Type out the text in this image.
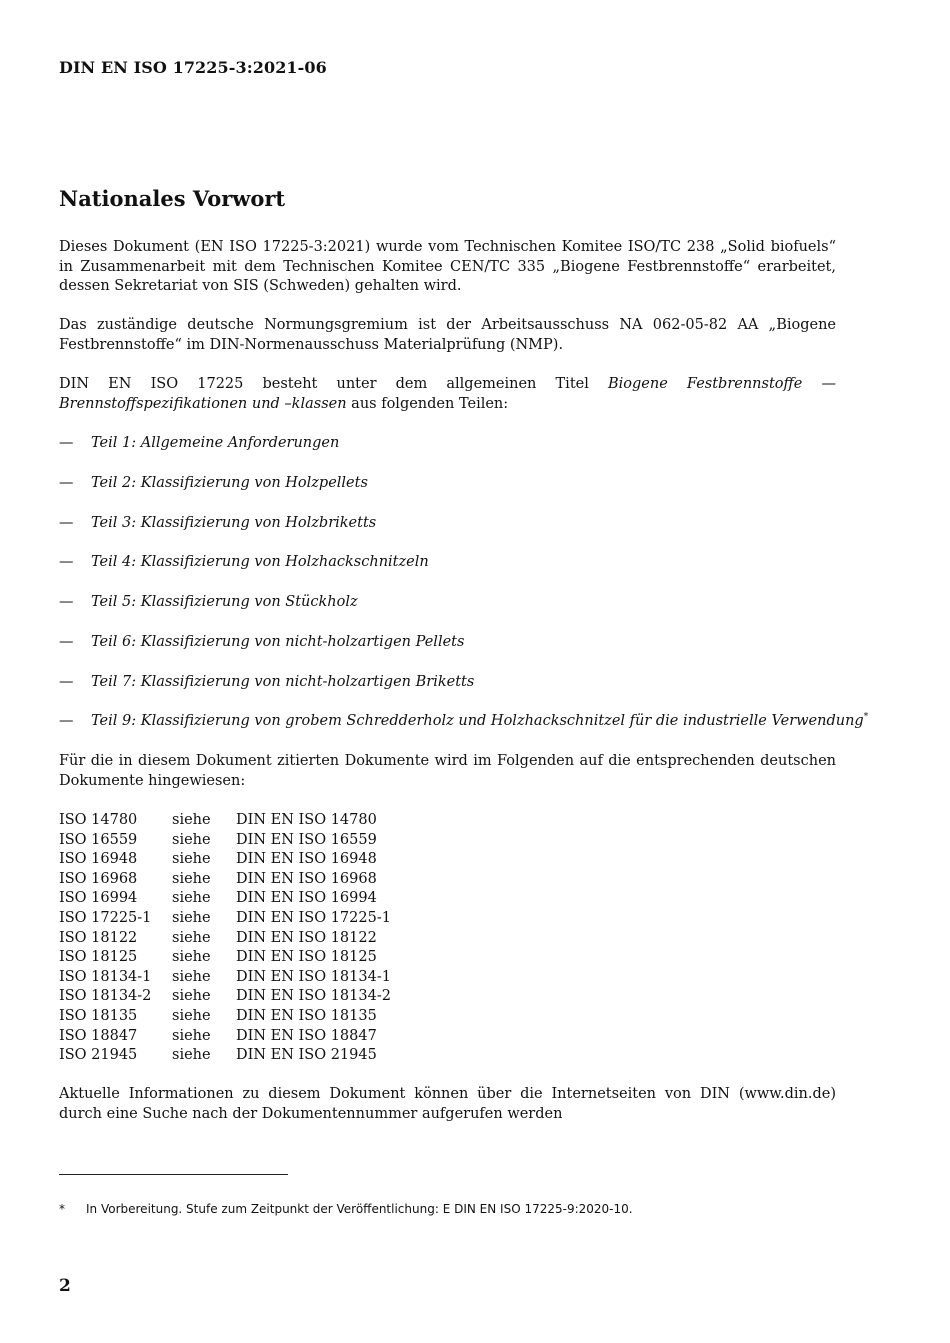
DIN EN ISO 17225-3:2021-06
Nationales Vorwort

Dieses Dokument (EN ISO 17225-3:2021) wurde vom Technischen Komitee ISO/TC 238 „Solid biofuels“ in Zusammenarbeit mit dem Technischen Komitee CEN/TC 335 „Biogene Festbrennstoffe“ erarbeitet, dessen Sekretariat von SIS (Schweden) gehalten wird.

Das zuständige deutsche Normungsgremium ist der Arbeitsausschuss NA 062-05-82 AA „Biogene Festbrennstoffe“ im DIN-Normenausschuss Materialprüfung (NMP).

DIN EN ISO 17225 besteht unter dem allgemeinen Titel Biogene Festbrennstoffe — Brennstoffspezifikationen und –klassen aus folgenden Teilen:

—	Teil 1: Allgemeine Anforderungen
—	Teil 2: Klassifizierung von Holzpellets
—	Teil 3: Klassifizierung von Holzbriketts
—	Teil 4: Klassifizierung von Holzhackschnitzeln
—	Teil 5: Klassifizierung von Stückholz
—	Teil 6: Klassifizierung von nicht-holzartigen Pellets
—	Teil 7: Klassifizierung von nicht-holzartigen Briketts
—	Teil 9: Klassifizierung von grobem Schredderholz und Holzhackschnitzel für die industrielle Verwendung*

Für die in diesem Dokument zitierten Dokumente wird im Folgenden auf die entsprechenden deutschen Dokumente hingewiesen:

ISO 14780	siehe	DIN EN ISO 14780
ISO 16559	siehe	DIN EN ISO 16559
ISO 16948	siehe	DIN EN ISO 16948
ISO 16968	siehe	DIN EN ISO 16968
ISO 16994	siehe	DIN EN ISO 16994
ISO 17225-1	siehe	DIN EN ISO 17225-1
ISO 18122	siehe	DIN EN ISO 18122
ISO 18125	siehe	DIN EN ISO 18125
ISO 18134-1	siehe	DIN EN ISO 18134-1
ISO 18134-2	siehe	DIN EN ISO 18134-2
ISO 18135	siehe	DIN EN ISO 18135
ISO 18847	siehe	DIN EN ISO 18847
ISO 21945	siehe	DIN EN ISO 21945

Aktuelle Informationen zu diesem Dokument können über die Internetseiten von DIN (www.din.de) durch eine Suche nach der Dokumentennummer aufgerufen werden

*	In Vorbereitung. Stufe zum Zeitpunkt der Veröffentlichung: E DIN EN ISO 17225-9:2020-10.
2
